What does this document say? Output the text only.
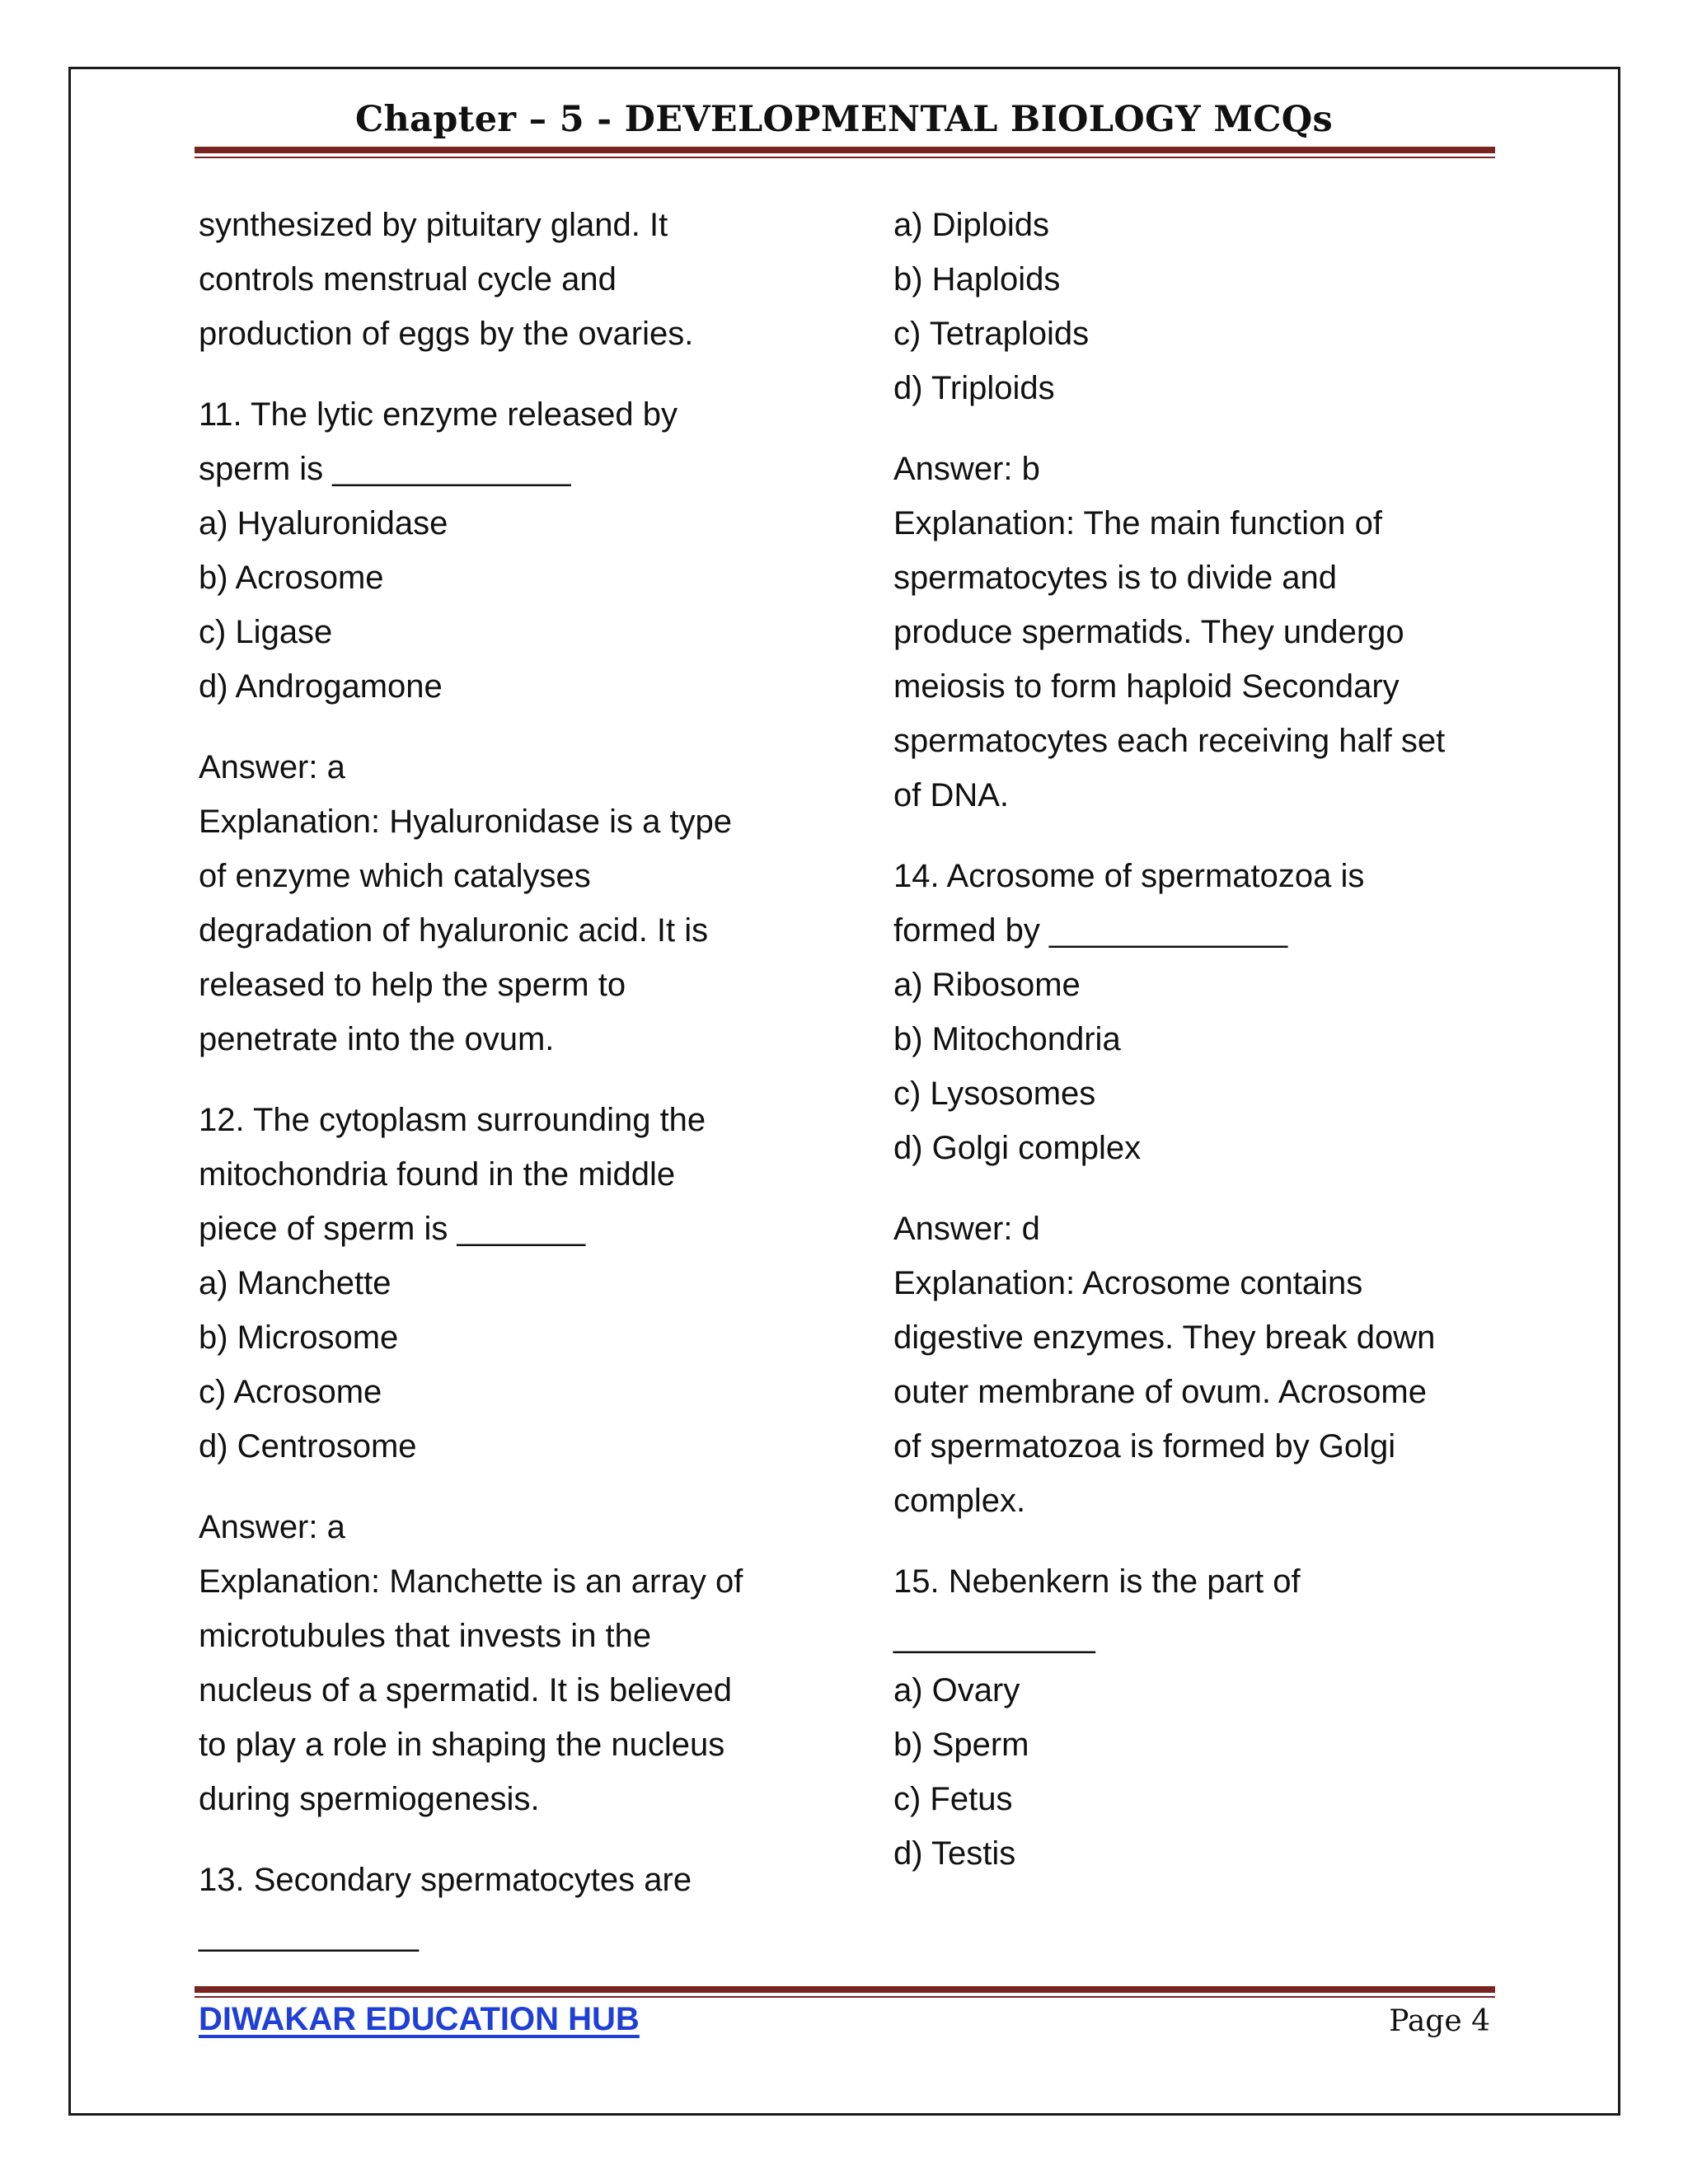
Chapter – 5 - DEVELOPMENTAL BIOLOGY MCQs
synthesized by pituitary gland. It
controls menstrual cycle and
production of eggs by the ovaries.
11. The lytic enzyme released by
sperm is _____________
a) Hyaluronidase
b) Acrosome
c) Ligase
d) Androgamone
Answer: a
Explanation: Hyaluronidase is a type
of enzyme which catalyses
degradation of hyaluronic acid. It is
released to help the sperm to
penetrate into the ovum.
12. The cytoplasm surrounding the
mitochondria found in the middle
piece of sperm is _______
a) Manchette
b) Microsome
c) Acrosome
d) Centrosome
Answer: a
Explanation: Manchette is an array of
microtubules that invests in the
nucleus of a spermatid. It is believed
to play a role in shaping the nucleus
during spermiogenesis.
13. Secondary spermatocytes are
____________
a) Diploids
b) Haploids
c) Tetraploids
d) Triploids
Answer: b
Explanation: The main function of
spermatocytes is to divide and
produce spermatids. They undergo
meiosis to form haploid Secondary
spermatocytes each receiving half set
of DNA.
14. Acrosome of spermatozoa is
formed by _____________
a) Ribosome
b) Mitochondria
c) Lysosomes
d) Golgi complex
Answer: d
Explanation: Acrosome contains
digestive enzymes. They break down
outer membrane of ovum. Acrosome
of spermatozoa is formed by Golgi
complex.
15. Nebenkern is the part of
___________
a) Ovary
b) Sperm
c) Fetus
d) Testis
DIWAKAR EDUCATION HUB	Page 4
